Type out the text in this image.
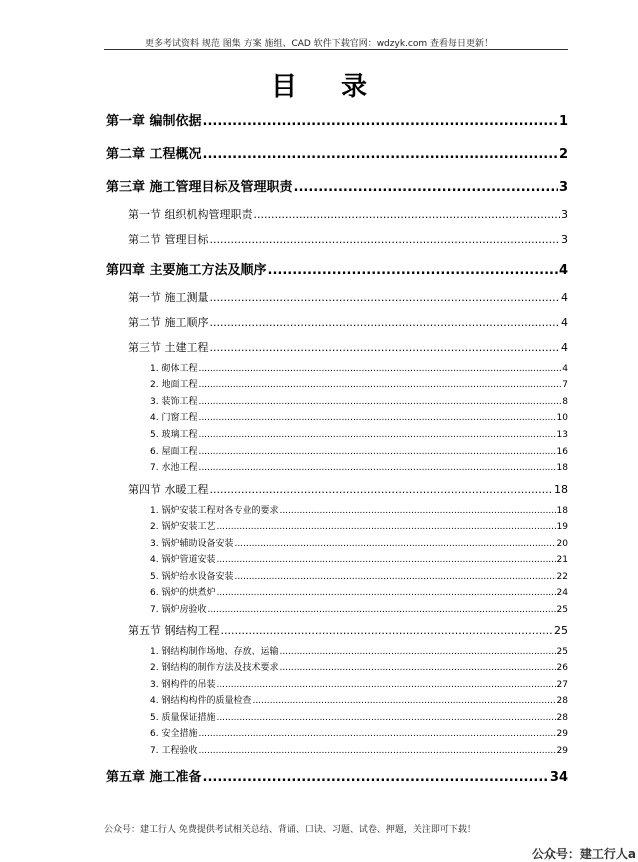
更多考试资料 规范 图集 方案 施组、CAD 软件下载官网：wdzyk.com 查看每日更新！
目录
第一章 编制依据 .....	1
第二章 工程概况 .....	2
第三章 施工管理目标及管理职责 .....	3
第一节 组织机构管理职责 .....	3
第二节 管理目标 .....	3
第四章 主要施工方法及顺序 .....	4
第一节 施工测量 .....	4
第二节 施工顺序 .....	4
第三节 土建工程 .....	4
1. 砌体工程 .....	4
2. 地面工程 .....	7
3. 装饰工程 .....	8
4. 门窗工程 .....	10
5. 玻璃工程 .....	13
6. 屋面工程 .....	16
7. 水池工程 .....	18
第四节 水暖工程 .....	18
1. 锅炉安装工程对各专业的要求 .....	18
2. 锅炉安装工艺 .....	19
3. 锅炉辅助设备安装 .....	20
4. 锅炉管道安装 .....	21
5. 锅炉给水设备安装 .....	22
6. 锅炉的烘煮炉 .....	24
7. 锅炉房验收 .....	25
第五节 钢结构工程 .....	25
1. 钢结构制作场地、存放、运输 .....	25
2. 钢结构的制作方法及技术要求 .....	26
3. 钢构件的吊装 .....	27
4. 钢结构构件的质量检查 .....	28
5. 质量保证措施 .....	28
6. 安全措施 .....	29
7. 工程验收 .....	29
第五章 施工准备 .....	34
公众号：建工行人 免费提供考试相关总结、背诵、口诀、习题、试卷、押题，关注即可下载！
公众号：建工行人a
